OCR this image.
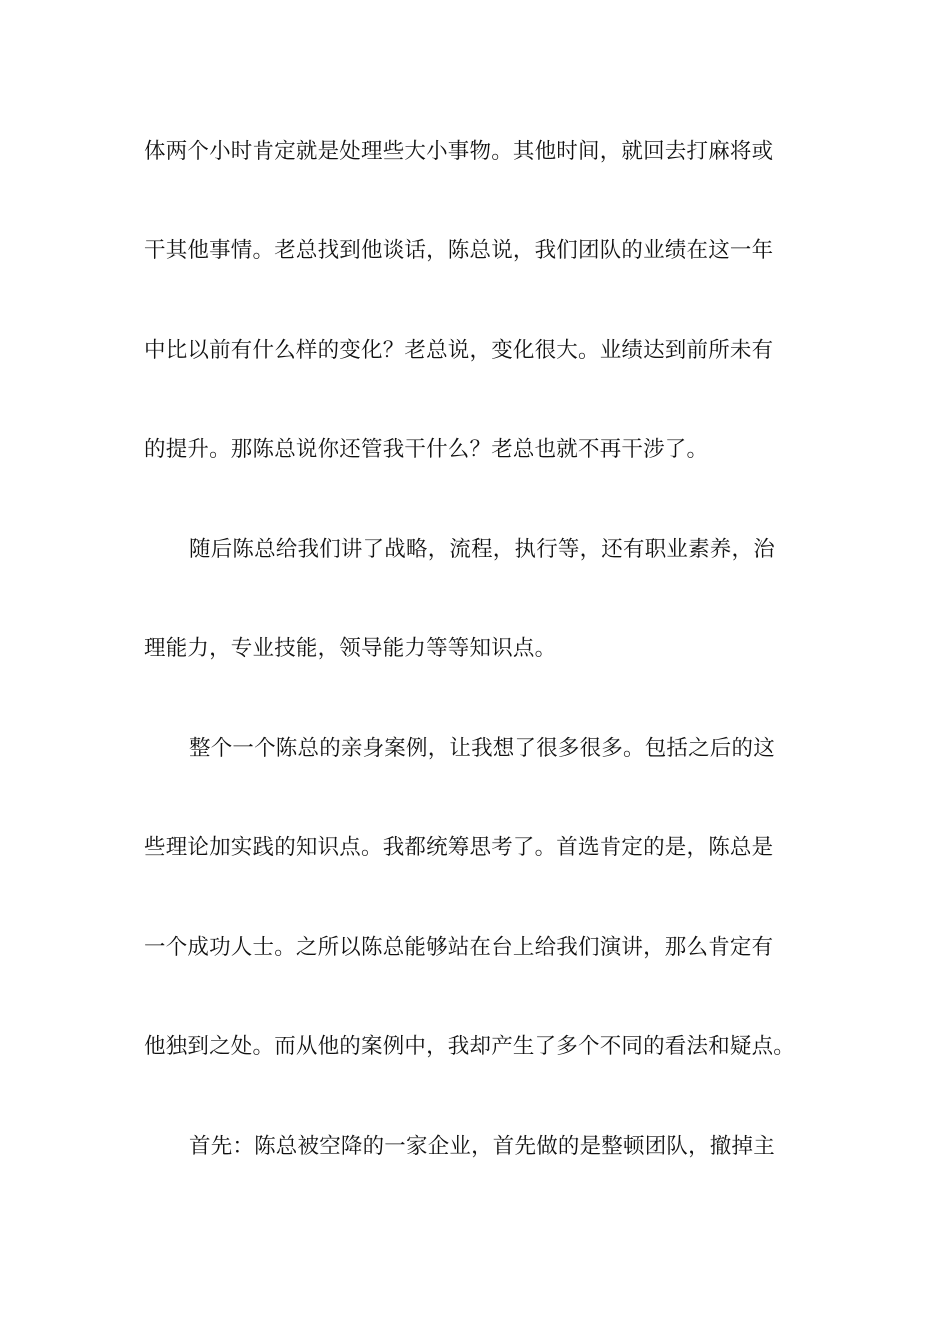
体两个小时肯定就是处理些大小事物。其他时间，就回去打麻将或
干其他事情。老总找到他谈话，陈总说，我们团队的业绩在这一年
中比以前有什么样的变化？老总说，变化很大。业绩达到前所未有
的提升。那陈总说你还管我干什么？老总也就不再干涉了。
随后陈总给我们讲了战略，流程，执行等，还有职业素养，治
理能力，专业技能，领导能力等等知识点。
整个一个陈总的亲身案例，让我想了很多很多。包括之后的这
些理论加实践的知识点。我都统筹思考了。首选肯定的是，陈总是
一个成功人士。之所以陈总能够站在台上给我们演讲，那么肯定有
他独到之处。而从他的案例中，我却产生了多个不同的看法和疑点。
首先：陈总被空降的一家企业，首先做的是整顿团队，撤掉主
